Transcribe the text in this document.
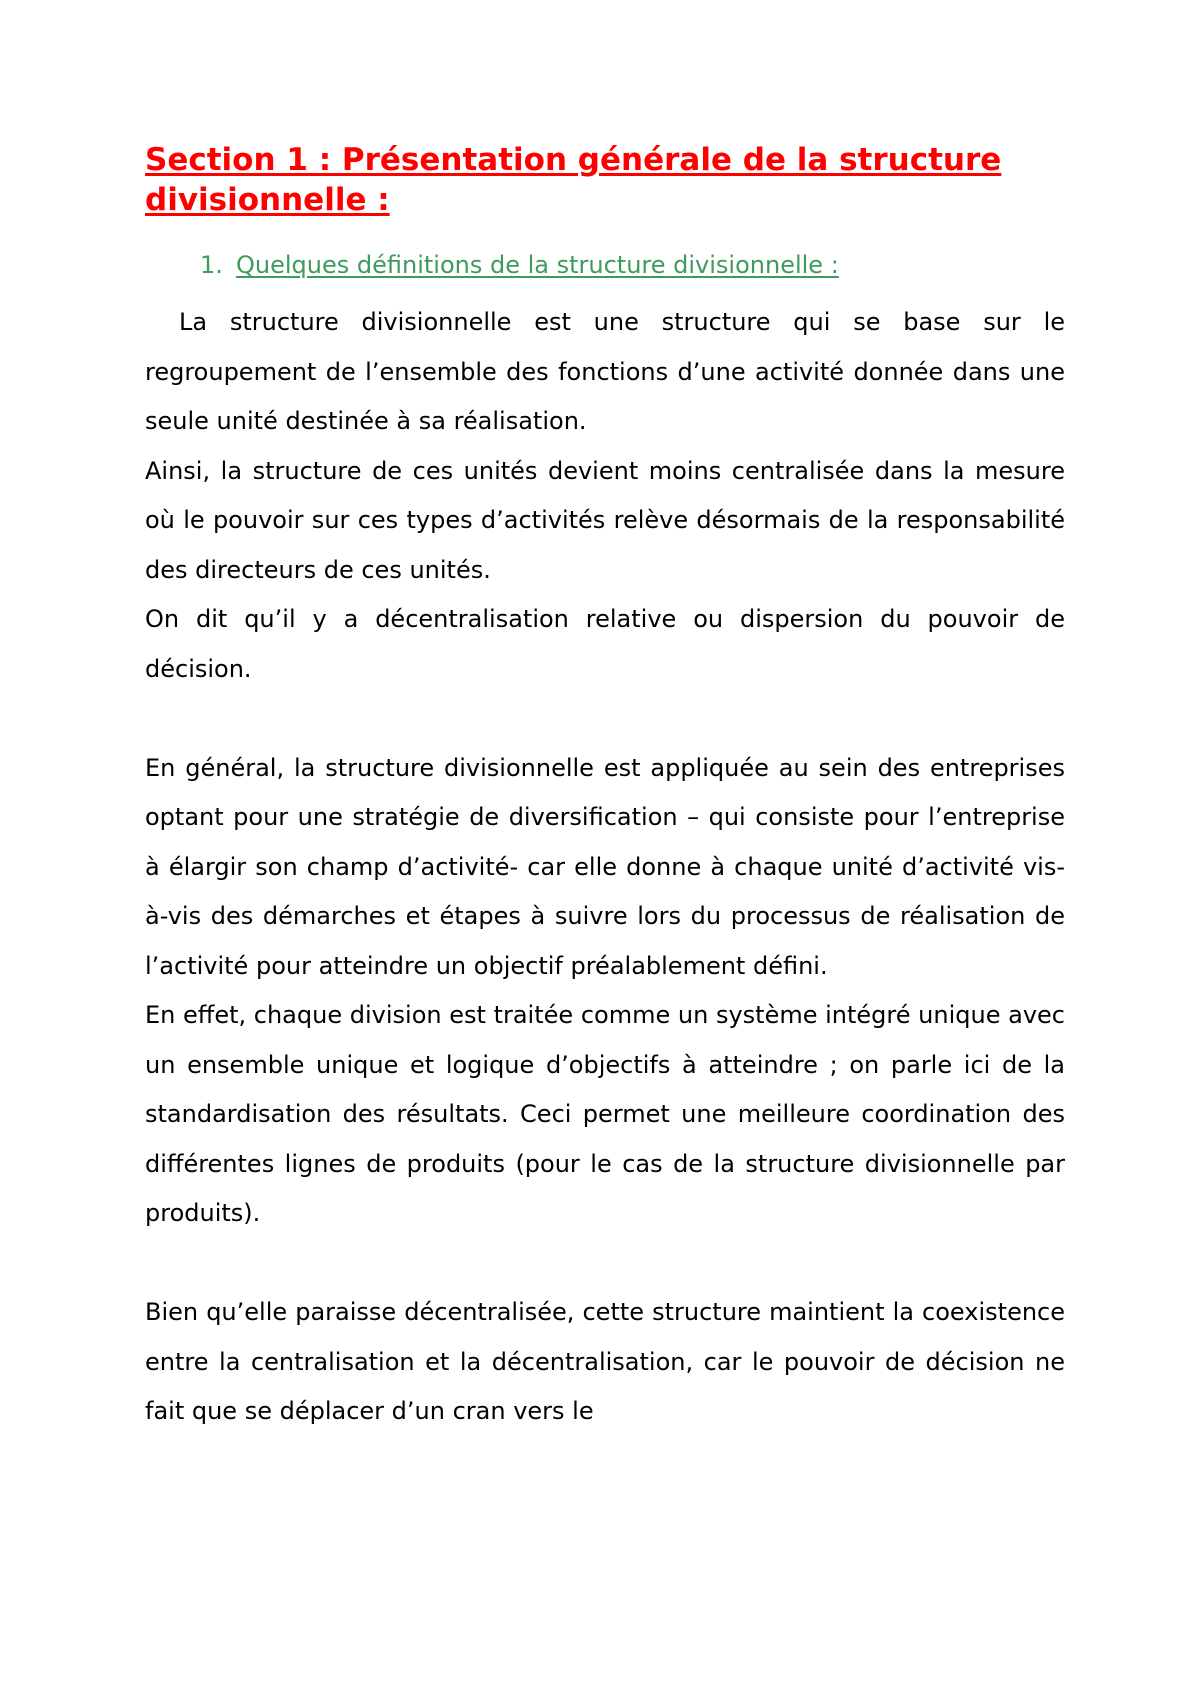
Section 1 : Présentation générale de la structure divisionnelle :
1. Quelques définitions de la structure divisionnelle :

La structure divisionnelle est une structure qui se base sur le regroupement de l’ensemble des fonctions d’une activité donnée dans une seule unité destinée à sa réalisation.

Ainsi, la structure de ces unités devient moins centralisée dans la mesure où le pouvoir sur ces types d’activités relève désormais de la responsabilité des directeurs de ces unités.

On dit qu’il y a décentralisation relative ou dispersion du pouvoir de décision.

En général, la structure divisionnelle est appliquée au sein des entreprises optant pour une stratégie de diversification – qui consiste pour l’entreprise à élargir son champ d’activité- car elle donne à chaque unité d’activité vis-à-vis des démarches et étapes à suivre lors du processus de réalisation de l’activité pour atteindre un objectif préalablement défini.

En effet, chaque division est traitée comme un système intégré unique avec un ensemble unique et logique d’objectifs à atteindre ; on parle ici de la standardisation des résultats. Ceci permet une meilleure coordination des différentes lignes de produits (pour le cas de la structure divisionnelle par produits).

Bien qu’elle paraisse décentralisée, cette structure maintient la coexistence entre la centralisation et la décentralisation, car le pouvoir de décision ne fait que se déplacer d’un cran vers le
